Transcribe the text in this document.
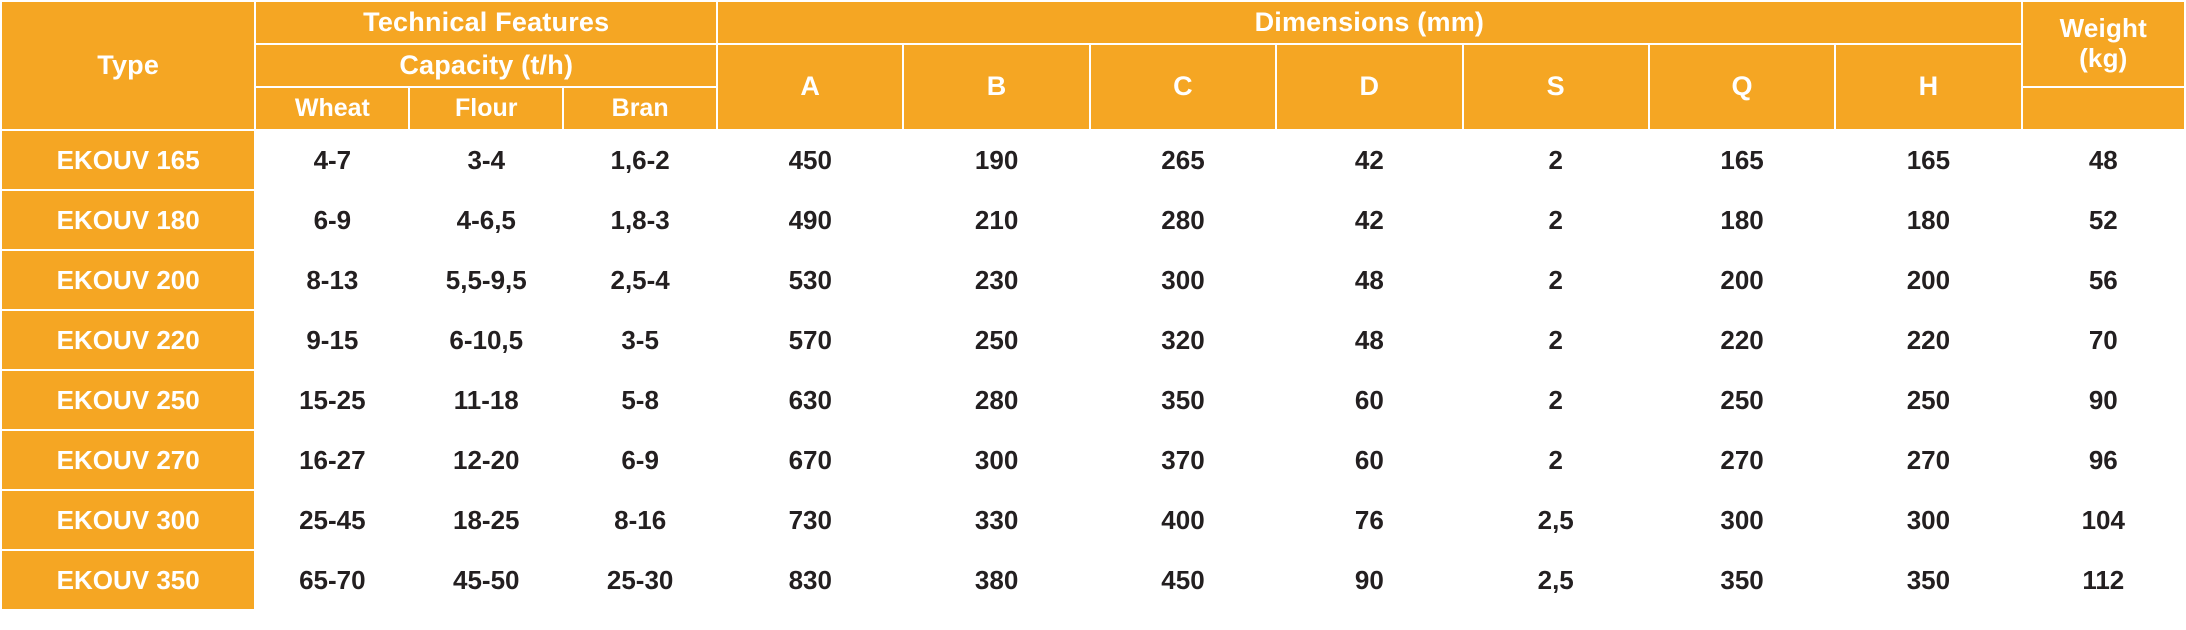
Type	Technical Features			Dimensions (mm)							Weight
(kg)

	Capacity (t/h)			A	B	C	D	S	Q	H	
	Wheat	Flour	Bran								
EKOUV 165	4-7	3-4	1,6-2	450	190	265	42	2	165	165	48
EKOUV 180	6-9	4-6,5	1,8-3	490	210	280	42	2	180	180	52
EKOUV 200	8-13	5,5-9,5	2,5-4	530	230	300	48	2	200	200	56
EKOUV 220	9-15	6-10,5	3-5	570	250	320	48	2	220	220	70
EKOUV 250	15-25	11-18	5-8	630	280	350	60	2	250	250	90
EKOUV 270	16-27	12-20	6-9	670	300	370	60	2	270	270	96
EKOUV 300	25-45	18-25	8-16	730	330	400	76	2,5	300	300	104
EKOUV 350	65-70	45-50	25-30	830	380	450	90	2,5	350	350	112
